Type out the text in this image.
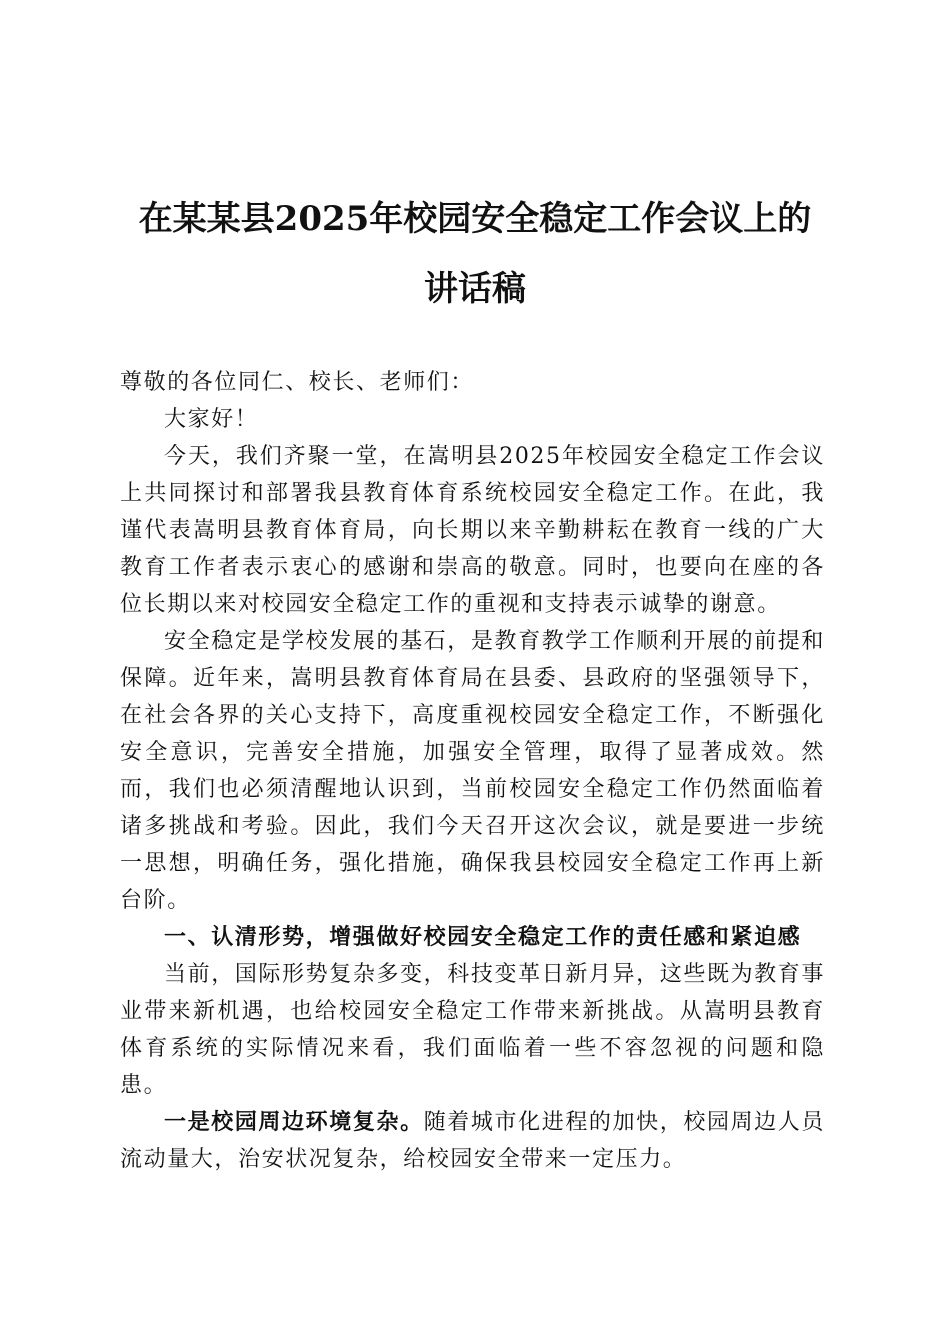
在某某县2025年校园安全稳定工作会议上的
讲话稿

尊敬的各位同仁、校长、老师们：

大家好！

今天，我们齐聚一堂，在嵩明县2025年校园安全稳定工作会议上共同探讨和部署我县教育体育系统校园安全稳定工作。在此，我谨代表嵩明县教育体育局，向长期以来辛勤耕耘在教育一线的广大教育工作者表示衷心的感谢和崇高的敬意。同时，也要向在座的各位长期以来对校园安全稳定工作的重视和支持表示诚挚的谢意。

安全稳定是学校发展的基石，是教育教学工作顺利开展的前提和保障。近年来，嵩明县教育体育局在县委、县政府的坚强领导下，在社会各界的关心支持下，高度重视校园安全稳定工作，不断强化安全意识，完善安全措施，加强安全管理，取得了显著成效。然而，我们也必须清醒地认识到，当前校园安全稳定工作仍然面临着诸多挑战和考验。因此，我们今天召开这次会议，就是要进一步统一思想，明确任务，强化措施，确保我县校园安全稳定工作再上新台阶。

一、认清形势，增强做好校园安全稳定工作的责任感和紧迫感

当前，国际形势复杂多变，科技变革日新月异，这些既为教育事业带来新机遇，也给校园安全稳定工作带来新挑战。从嵩明县教育体育系统的实际情况来看，我们面临着一些不容忽视的问题和隐患。

一是校园周边环境复杂。随着城市化进程的加快，校园周边人员流动量大，治安状况复杂，给校园安全带来一定压力。
